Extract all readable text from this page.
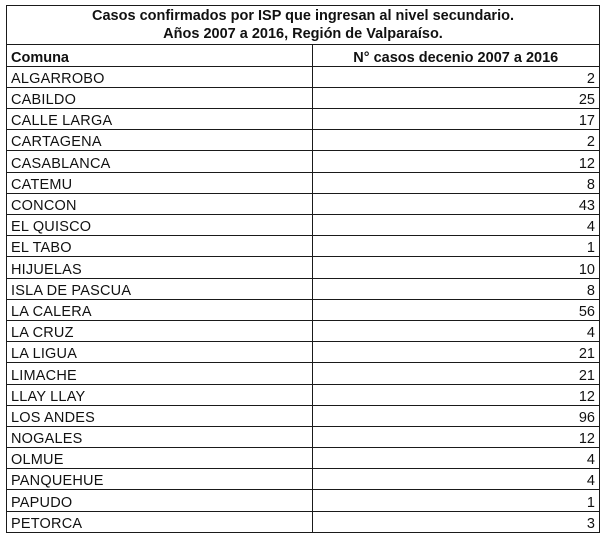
Casos confirmados por ISP que ingresan al nivel secundario.
Años 2007 a 2016, Región de Valparaíso.
Comuna	N° casos decenio 2007 a 2016
ALGARROBO	2
CABILDO	25
CALLE LARGA	17
CARTAGENA	2
CASABLANCA	12
CATEMU	8
CONCON	43
EL QUISCO	4
EL TABO	1
HIJUELAS	10
ISLA DE PASCUA	8
LA CALERA	56
LA CRUZ	4
LA LIGUA	21
LIMACHE	21
LLAY LLAY	12
LOS ANDES	96
NOGALES	12
OLMUE	4
PANQUEHUE	4
PAPUDO	1
PETORCA	3
